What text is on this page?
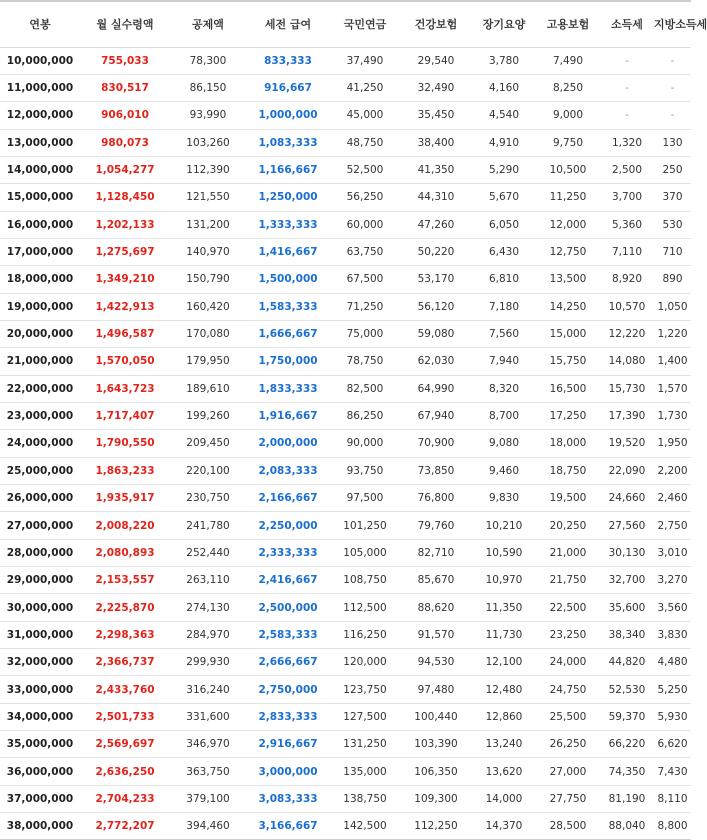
연봉	월 실수령액	공제액	세전 급여	국민연금	건강보험	장기요양	고용보험	소득세	지방소득세
10,000,000	755,033	78,300	833,333	37,490	29,540	3,780	7,490	-	-
11,000,000	830,517	86,150	916,667	41,250	32,490	4,160	8,250	-	-
12,000,000	906,010	93,990	1,000,000	45,000	35,450	4,540	9,000	-	-
13,000,000	980,073	103,260	1,083,333	48,750	38,400	4,910	9,750	1,320	130
14,000,000	1,054,277	112,390	1,166,667	52,500	41,350	5,290	10,500	2,500	250
15,000,000	1,128,450	121,550	1,250,000	56,250	44,310	5,670	11,250	3,700	370
16,000,000	1,202,133	131,200	1,333,333	60,000	47,260	6,050	12,000	5,360	530
17,000,000	1,275,697	140,970	1,416,667	63,750	50,220	6,430	12,750	7,110	710
18,000,000	1,349,210	150,790	1,500,000	67,500	53,170	6,810	13,500	8,920	890
19,000,000	1,422,913	160,420	1,583,333	71,250	56,120	7,180	14,250	10,570	1,050
20,000,000	1,496,587	170,080	1,666,667	75,000	59,080	7,560	15,000	12,220	1,220
21,000,000	1,570,050	179,950	1,750,000	78,750	62,030	7,940	15,750	14,080	1,400
22,000,000	1,643,723	189,610	1,833,333	82,500	64,990	8,320	16,500	15,730	1,570
23,000,000	1,717,407	199,260	1,916,667	86,250	67,940	8,700	17,250	17,390	1,730
24,000,000	1,790,550	209,450	2,000,000	90,000	70,900	9,080	18,000	19,520	1,950
25,000,000	1,863,233	220,100	2,083,333	93,750	73,850	9,460	18,750	22,090	2,200
26,000,000	1,935,917	230,750	2,166,667	97,500	76,800	9,830	19,500	24,660	2,460
27,000,000	2,008,220	241,780	2,250,000	101,250	79,760	10,210	20,250	27,560	2,750
28,000,000	2,080,893	252,440	2,333,333	105,000	82,710	10,590	21,000	30,130	3,010
29,000,000	2,153,557	263,110	2,416,667	108,750	85,670	10,970	21,750	32,700	3,270
30,000,000	2,225,870	274,130	2,500,000	112,500	88,620	11,350	22,500	35,600	3,560
31,000,000	2,298,363	284,970	2,583,333	116,250	91,570	11,730	23,250	38,340	3,830
32,000,000	2,366,737	299,930	2,666,667	120,000	94,530	12,100	24,000	44,820	4,480
33,000,000	2,433,760	316,240	2,750,000	123,750	97,480	12,480	24,750	52,530	5,250
34,000,000	2,501,733	331,600	2,833,333	127,500	100,440	12,860	25,500	59,370	5,930
35,000,000	2,569,697	346,970	2,916,667	131,250	103,390	13,240	26,250	66,220	6,620
36,000,000	2,636,250	363,750	3,000,000	135,000	106,350	13,620	27,000	74,350	7,430
37,000,000	2,704,233	379,100	3,083,333	138,750	109,300	14,000	27,750	81,190	8,110
38,000,000	2,772,207	394,460	3,166,667	142,500	112,250	14,370	28,500	88,040	8,800
